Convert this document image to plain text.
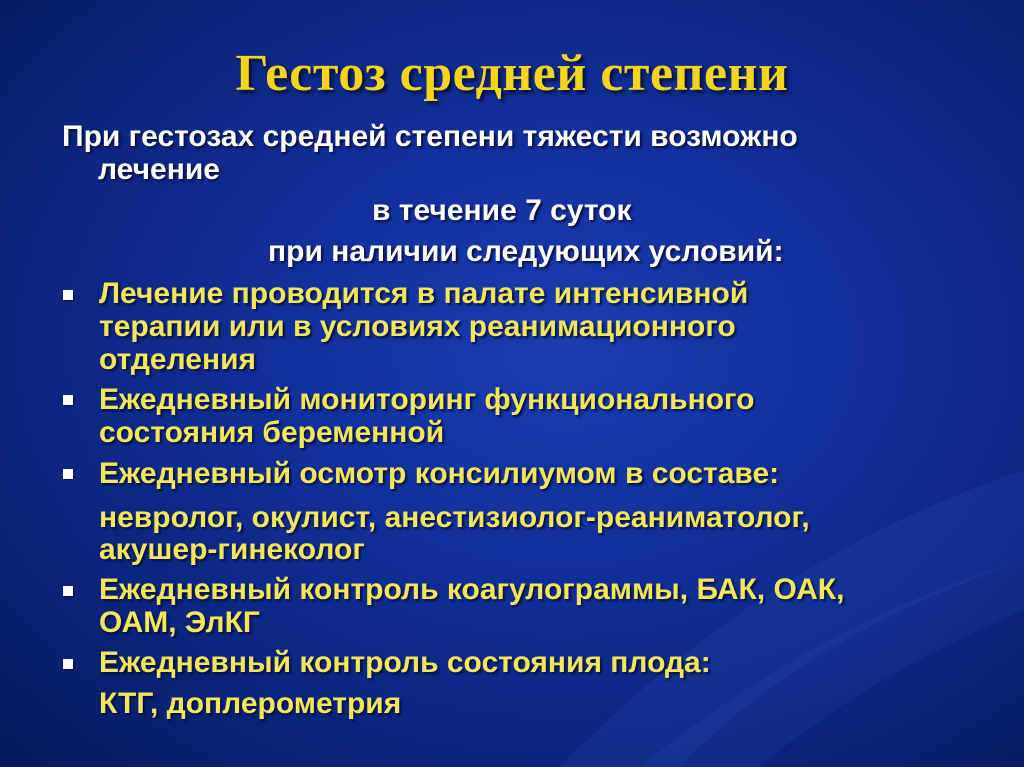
Гестоз средней степени
При гестозах средней степени тяжести возможно
лечение
в течение 7 суток
при наличии следующих условий:
Лечение проводится в палате интенсивной
терапии или в условиях реанимационного
отделения
Ежедневный мониторинг функционального
состояния беременной
Ежедневный осмотр консилиумом в составе:
невролог, окулист, анестизиолог-реаниматолог,
акушер-гинеколог
Ежедневный контроль коагулограммы, БАК, ОАК,
ОАМ, ЭлКГ
Ежедневный контроль состояния плода:
КТГ, доплерометрия
